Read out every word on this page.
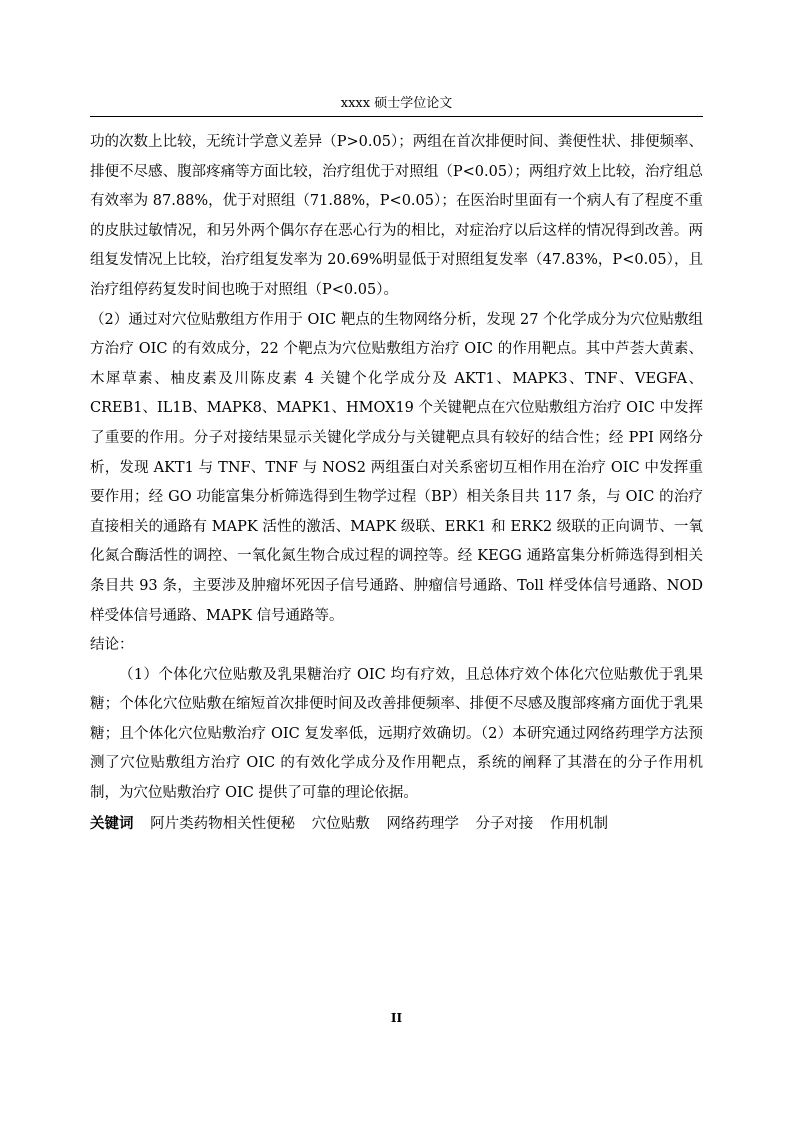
xxxx 硕士学位论文

功的次数上比较，无统计学意义差异（P>0.05）；两组在首次排便时间、粪便性状、排便频率、排便不尽感、腹部疼痛等方面比较，治疗组优于对照组（P<0.05）；两组疗效上比较，治疗组总有效率为 87.88%，优于对照组（71.88%，P<0.05）；在医治时里面有一个病人有了程度不重的皮肤过敏情况，和另外两个偶尔存在恶心行为的相比，对症治疗以后这样的情况得到改善。两组复发情况上比较，治疗组复发率为 20.69%明显低于对照组复发率（47.83%，P<0.05），且治疗组停药复发时间也晚于对照组（P<0.05）。

（2）通过对穴位贴敷组方作用于 OIC 靶点的生物网络分析，发现 27 个化学成分为穴位贴敷组方治疗 OIC 的有效成分，22 个靶点为穴位贴敷组方治疗 OIC 的作用靶点。其中芦荟大黄素、木犀草素、柚皮素及川陈皮素 4 关键个化学成分及 AKT1、MAPK3、TNF、VEGFA、CREB1、IL1B、MAPK8、MAPK1、HMOX19 个关键靶点在穴位贴敷组方治疗 OIC 中发挥了重要的作用。分子对接结果显示关键化学成分与关键靶点具有较好的结合性；经 PPI 网络分析，发现 AKT1 与 TNF、TNF 与 NOS2 两组蛋白对关系密切互相作用在治疗 OIC 中发挥重要作用；经 GO 功能富集分析筛选得到生物学过程（BP）相关条目共 117 条，与 OIC 的治疗直接相关的通路有 MAPK 活性的激活、MAPK 级联、ERK1 和 ERK2 级联的正向调节、一氧化氮合酶活性的调控、一氧化氮生物合成过程的调控等。经 KEGG 通路富集分析筛选得到相关条目共 93 条，主要涉及肿瘤坏死因子信号通路、肿瘤信号通路、Toll 样受体信号通路、NOD 样受体信号通路、MAPK 信号通路等。

结论：

（1）个体化穴位贴敷及乳果糖治疗 OIC 均有疗效，且总体疗效个体化穴位贴敷优于乳果糖；个体化穴位贴敷在缩短首次排便时间及改善排便频率、排便不尽感及腹部疼痛方面优于乳果糖；且个体化穴位贴敷治疗 OIC 复发率低，远期疗效确切。（2）本研究通过网络药理学方法预测了穴位贴敷组方治疗 OIC 的有效化学成分及作用靶点，系统的阐释了其潜在的分子作用机制，为穴位贴敷治疗 OIC 提供了可靠的理论依据。

关键词 阿片类药物相关性便秘 穴位贴敷 网络药理学 分子对接 作用机制

II
